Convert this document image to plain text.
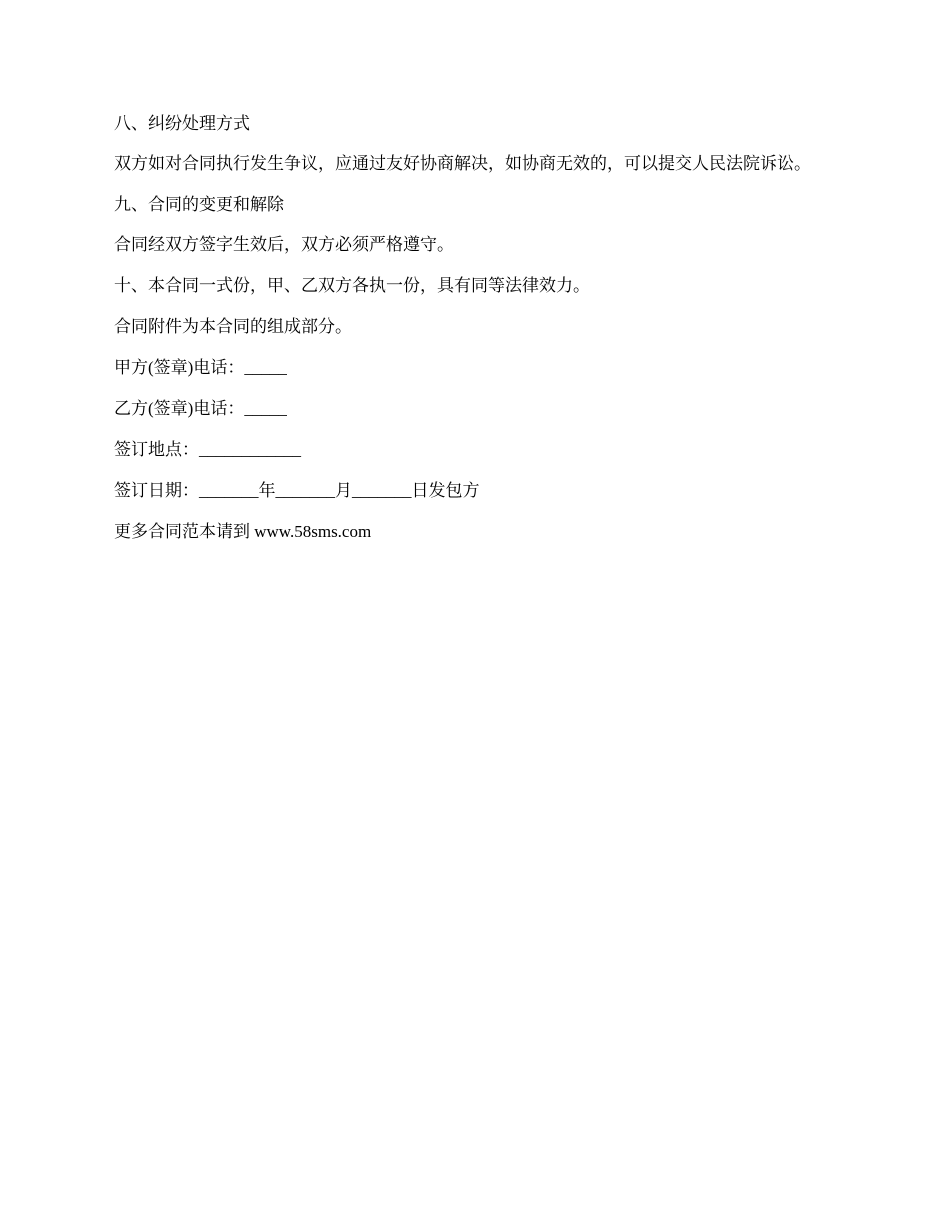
八、纠纷处理方式

双方如对合同执行发生争议，应通过友好协商解决，如协商无效的，可以提交人民法院诉讼。

九、合同的变更和解除

合同经双方签字生效后，双方必须严格遵守。

十、本合同一式份，甲、乙双方各执一份，具有同等法律效力。

合同附件为本合同的组成部分。

甲方(签章)电话：_____

乙方(签章)电话：_____

签订地点：____________

签订日期：_______年_______月_______日发包方

更多合同范本请到 www.58sms.com
